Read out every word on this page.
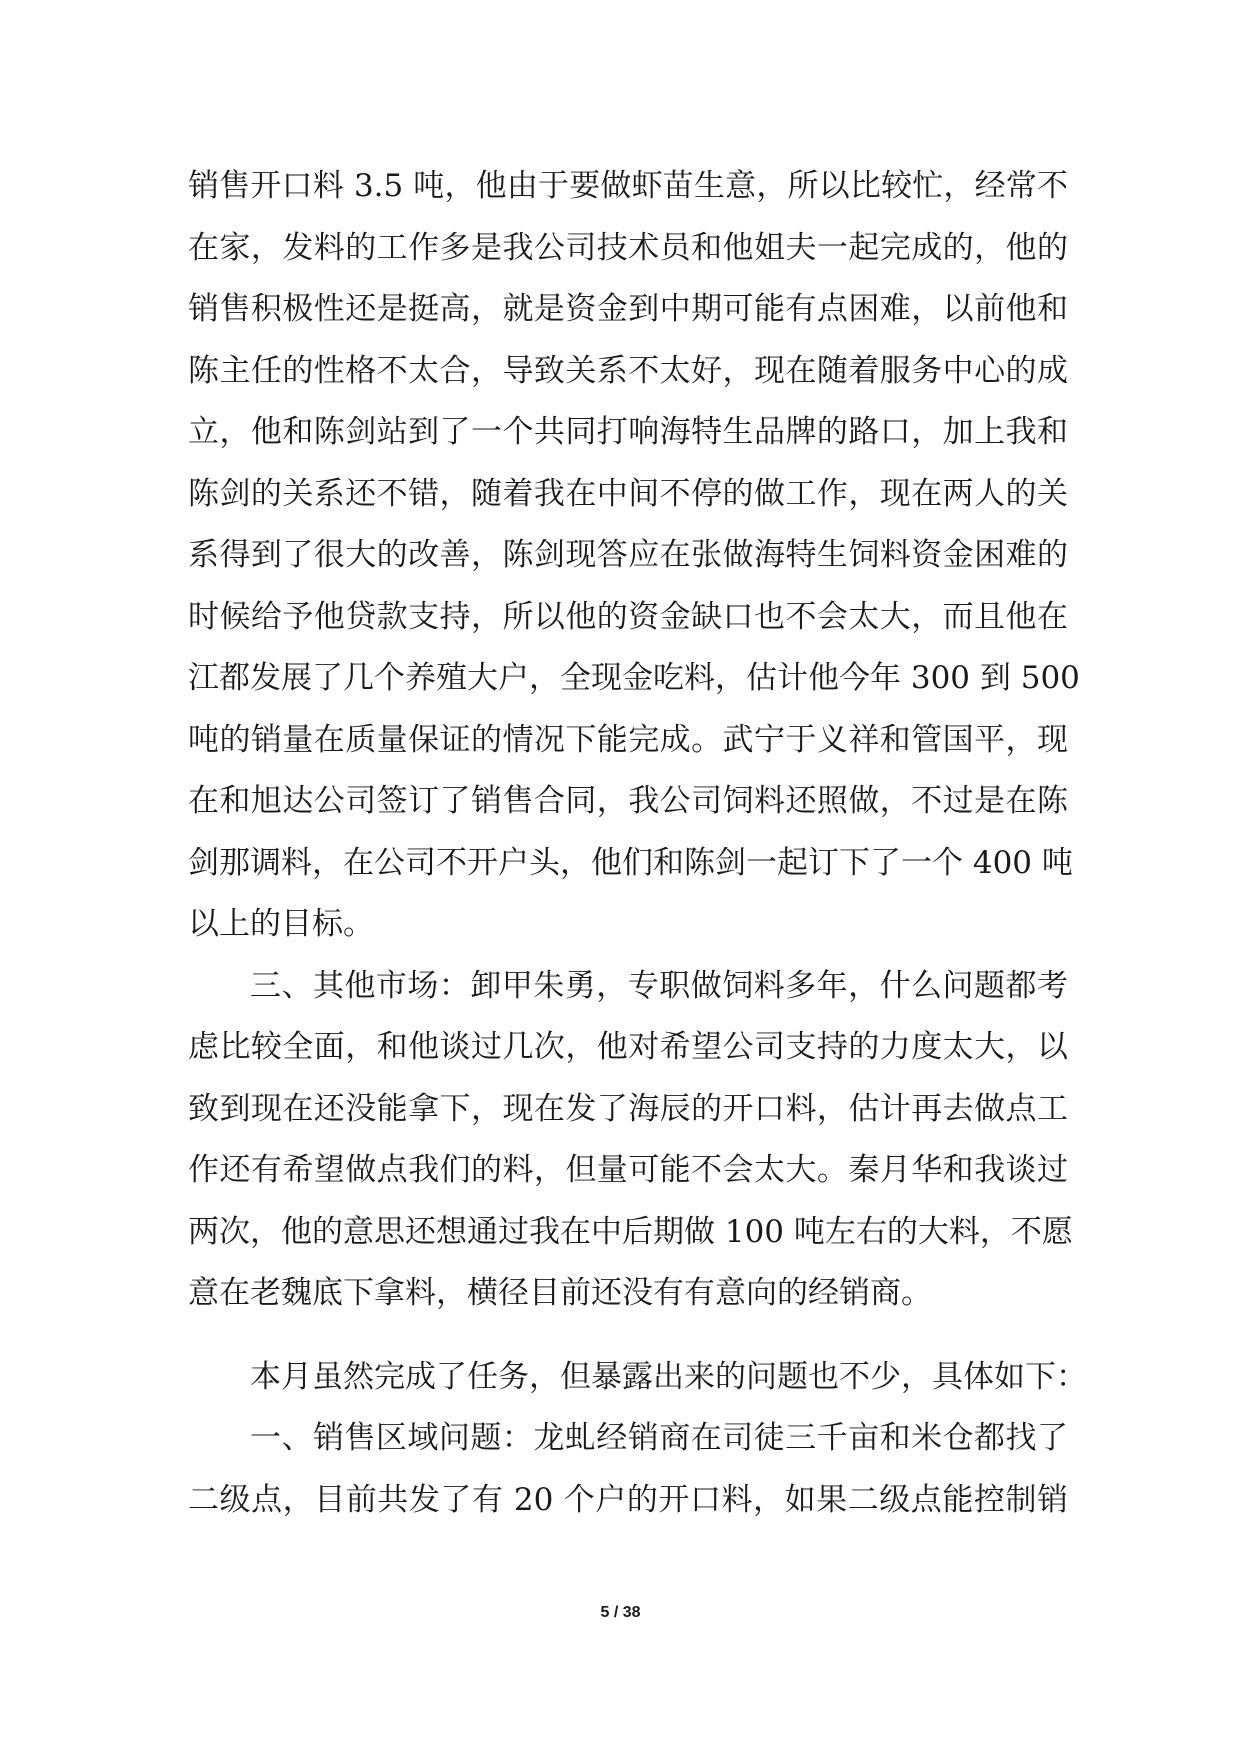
销售开口料 3.5 吨，他由于要做虾苗生意，所以比较忙，经常不
在家，发料的工作多是我公司技术员和他姐夫一起完成的，他的
销售积极性还是挺高，就是资金到中期可能有点困难，以前他和
陈主任的性格不太合，导致关系不太好，现在随着服务中心的成
立，他和陈剑站到了一个共同打响海特生品牌的路口，加上我和
陈剑的关系还不错，随着我在中间不停的做工作，现在两人的关
系得到了很大的改善，陈剑现答应在张做海特生饲料资金困难的
时候给予他贷款支持，所以他的资金缺口也不会太大，而且他在
江都发展了几个养殖大户，全现金吃料，估计他今年 300 到 500
吨的销量在质量保证的情况下能完成。武宁于义祥和管国平，现
在和旭达公司签订了销售合同，我公司饲料还照做，不过是在陈
剑那调料，在公司不开户头，他们和陈剑一起订下了一个 400 吨
以上的目标。
三、其他市场：卸甲朱勇，专职做饲料多年，什么问题都考
虑比较全面，和他谈过几次，他对希望公司支持的力度太大，以
致到现在还没能拿下，现在发了海辰的开口料，估计再去做点工
作还有希望做点我们的料，但量可能不会太大。秦月华和我谈过
两次，他的意思还想通过我在中后期做 100 吨左右的大料，不愿
意在老魏底下拿料，横径目前还没有有意向的经销商。
本月虽然完成了任务，但暴露出来的问题也不少，具体如下：
一、销售区域问题：龙虬经销商在司徒三千亩和米仓都找了
二级点，目前共发了有 20 个户的开口料，如果二级点能控制销
5 / 38
